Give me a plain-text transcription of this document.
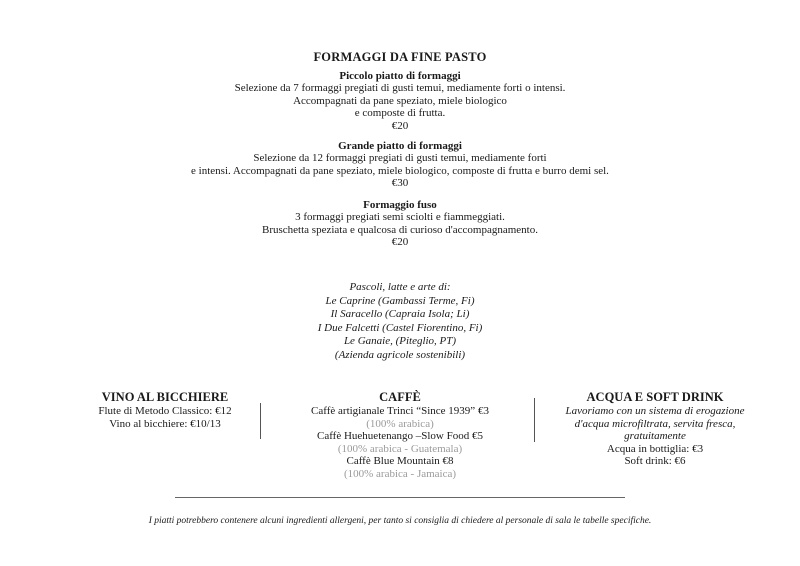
FORMAGGI DA FINE PASTO
Piccolo piatto di formaggi
Selezione da 7 formaggi pregiati di gusti temui, mediamente forti o intensi.
Accompagnati da pane speziato, miele biologico
e composte di frutta.
€20
Grande piatto di formaggi
Selezione da 12 formaggi pregiati di gusti temui, mediamente forti
e intensi. Accompagnati da pane speziato, miele biologico, composte di frutta e burro demi sel.
€30
Formaggio fuso
3 formaggi pregiati semi sciolti e fiammeggiati.
Bruschetta speziata e qualcosa di curioso d'accompagnamento.
€20
Pascoli, latte e arte di:
Le Caprine (Gambassi Terme, Fi)
Il Saracello (Capraia Isola; Li)
I Due Falcetti (Castel Fiorentino, Fi)
Le Ganaie, (Piteglio, PT)
(Azienda agricole sostenibili)
VINO AL BICCHIERE
Flute di Metodo Classico: €12
Vino al bicchiere: €10/13
CAFFÈ
Caffè artigianale Trinci “Since 1939” €3
(100% arabica)
Caffè Huehuetenango –Slow Food €5
(100% arabica - Guatemala)
Caffè Blue Mountain €8
(100% arabica - Jamaica)
ACQUA E SOFT DRINK
Lavoriamo con un sistema di erogazione
d'acqua microfiltrata, servita fresca,
gratuitamente
Acqua in bottiglia: €3
Soft drink: €6
I piatti potrebbero contenere alcuni ingredienti allergeni, per tanto si consiglia di chiedere al personale di sala le tabelle specifiche.
